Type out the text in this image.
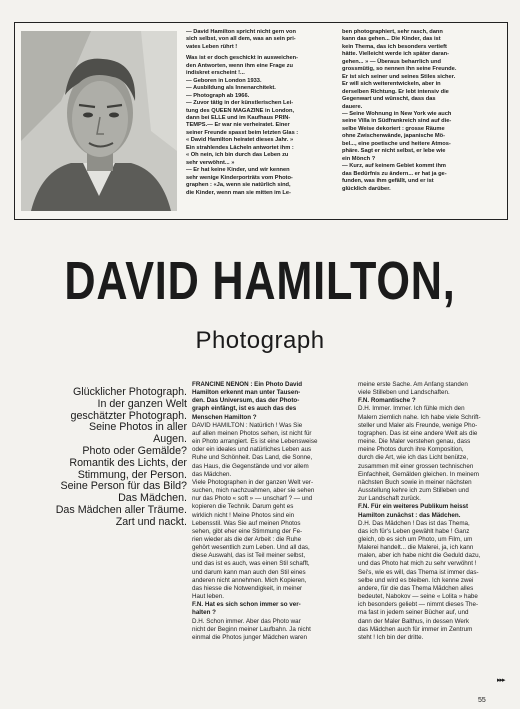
— David Hamilton spricht nicht gern von

sich selbst, von all dem, was an sein pri-

vates Leben rührt !

Was ist er doch geschickt in ausweichen-

den Antworten, wenn ihm eine Frage zu

indiskret erscheint !...

— Geboren in London 1933.

— Ausbildung als Innenarchitekt.

— Photograph ab 1966.

— Zuvor tätig in der künstlerischen Lei-

tung des QUEEN MAGAZINE in London,

dann bei ELLE und im Kaufhaus PRIN-

TEMPS.— Er war nie verheiratet. Einer

seiner Freunde spasst beim letzten Glas :

« David Hamilton heiratet dieses Jahr. »

Ein strahlendes Lächeln antwortet ihm :

« Oh nein, ich bin durch das Leben zu

sehr verwöhnt... »

— Er hat keine Kinder, und wir kennen

sehr wenige Kinderporträts vom Photo-

graphen : «Ja, wenn sie natürlich sind,

die Kinder, wenn man sie mitten im Le-

ben photographiert, sehr rasch, dann

kann das gehen... Die Kinder, das ist

kein Thema, das ich besonders vertieft

hätte. Vielleicht werde ich später daran-

gehen... » — Überaus beharrlich und

grossmütig, so nennen ihn seine Freunde.

Er ist sich seiner und seines Stiles sicher.

Er will sich weiterentwickeln, aber in

derselben Richtung. Er lebt intensiv die

Gegenwart und wünscht, dass das

dauere.

— Seine Wohnung in New York wie auch

seine Villa in Südfrankreich sind auf die-

selbe Weise dekoriert : grosse Räume

ohne Zwischenwände, japanische Mö-

bel..., eine poetische und heitere Atmos-

phäre. Sagt er nicht selbst, er lebe wie

ein Mönch ?

— Kurz, auf keinem Gebiet kommt ihm

das Bedürfnis zu ändern... er hat ja ge-

funden, was ihm gefällt, und er ist

glücklich darüber.

DAVID HAMILTON,
Photograph
Glücklicher Photograph.
In der ganzen Welt
geschätzter Photograph.
Seine Photos in aller
Augen.
Photo oder Gemälde?
Romantik des Lichts, der
Stimmung, der Person.
Seine Person für das Bild?
Das Mädchen.
Das Mädchen aller Träume.
Zart und nackt.

FRANCINE NENON : Ein Photo David

Hamilton erkennt man unter Tausen-

den. Das Universum, das der Photo-

graph einfängt, ist es auch das des

Menschen Hamilton ?

DAVID HAMILTON : Natürlich ! Was Sie

auf allen meinen Photos sehen, ist nicht für

ein Photo arrangiert. Es ist eine Lebensweise

oder ein ideales und natürliches Leben aus

Ruhe und Schönheit. Das Land, die Sonne,

das Haus, die Gegenstände und vor allem

das Mädchen.

Viele Photographen in der ganzen Welt ver-

suchen, mich nachzuahmen, aber sie sehen

nur das Photo « soft » — unscharf ? — und

kopieren die Technik. Darum geht es

wirklich nicht ! Meine Photos sind ein

Lebensstil. Was Sie auf meinen Photos

sehen, gibt eher eine Stimmung der Fe-

rien wieder als die der Arbeit : die Ruhe

gehört wesentlich zum Leben. Und all das,

diese Auswahl, das ist Teil meiner selbst,

und das ist es auch, was einen Stil schafft,

und darum kann man auch den Stil eines

anderen nicht annehmen. Mich Kopieren,

das hiesse die Notwendigkeit, in meiner

Haut leben.

F.N. Hat es sich schon immer so ver-

halten ?

D.H. Schon immer. Aber das Photo war

nicht der Beginn meiner Laufbahn. Ja nicht

einmal die Photos junger Mädchen waren

meine erste Sache. Am Anfang standen

viele Stilleben und Landschaften.

F.N. Romantische ?

D.H. Immer. Immer. Ich fühle mich den

Malern ziemlich nahe. Ich habe viele Schrift-

steller und Maler als Freunde, wenige Pho-

tographen. Das ist eine andere Welt als die

meine. Die Maler verstehen genau, dass

meine Photos durch ihre Komposition,

durch die Art, wie ich das Licht benütze,

zusammen mit einer grossen technischen

Einfachheit, Gemälden gleichen. In meinem

nächsten Buch sowie in meiner nächsten

Ausstellung kehre ich zum Stilleben und

zur Landschaft zurück.

F.N. Für ein weiteres Publikum heisst

Hamilton zunächst : das Mädchen.

D.H. Das Mädchen ! Das ist das Thema,

das ich für's Leben gewählt habe ! Ganz

gleich, ob es sich um Photo, um Film, um

Malerei handelt... die Malerei, ja, ich kann

malen, aber ich habe nicht die Geduld dazu,

und das Photo hat mich zu sehr verwöhnt !

Sei's, wie es will, das Thema ist immer das-

selbe und wird es bleiben. Ich kenne zwei

andere, für die das Thema Mädchen alles

bedeutet, Nabokov — seine « Lolita » habe

ich besonders geliebt — nimmt dieses The-

ma fast in jedem seiner Bücher auf, und

dann der Maler Balthus, in dessen Werk

das Mädchen auch für immer im Zentrum

steht ! Ich bin der dritte.

▸▸▸
55
